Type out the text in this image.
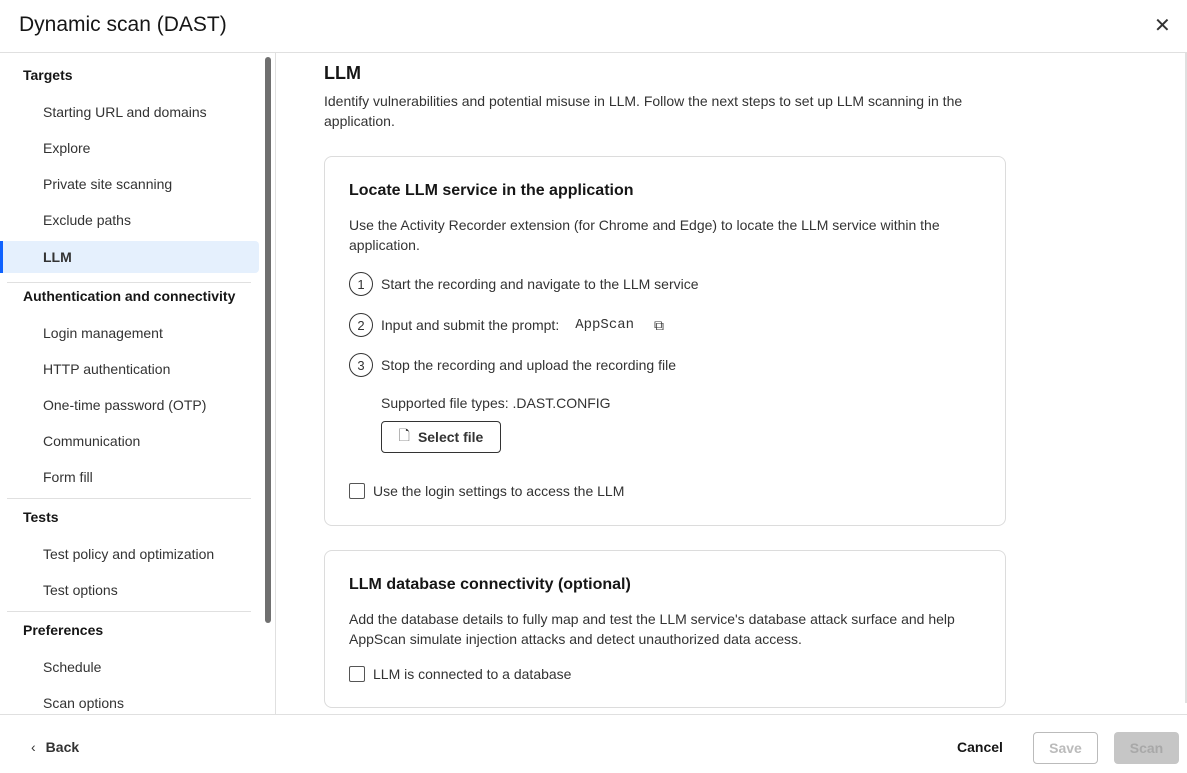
Dynamic scan (DAST)	✕
Targets
Starting URL and domains
Explore
Private site scanning
Exclude paths
LLM
Authentication and connectivity
Login management
HTTP authentication
One-time password (OTP)
Communication
Form fill
Tests
Test policy and optimization
Test options
Preferences
Schedule
Scan options
LLM
Identify vulnerabilities and potential misuse in LLM. Follow the next steps to set up LLM scanning in the application.
Locate LLM service in the application
Use the Activity Recorder extension (for Chrome and Edge) to locate the LLM service within the application.
1	Start the recording and navigate to the LLM service
2	Input and submit the prompt: AppScan ⧉
3	Stop the recording and upload the recording file
Supported file types: .DAST.CONFIG
🗋 Select file
Use the login settings to access the LLM
LLM database connectivity (optional)
Add the database details to fully map and test the LLM service's database attack surface and help AppScan simulate injection attacks and detect unauthorized data access.
LLM is connected to a database
‹ Back	Cancel	Save	Scan
